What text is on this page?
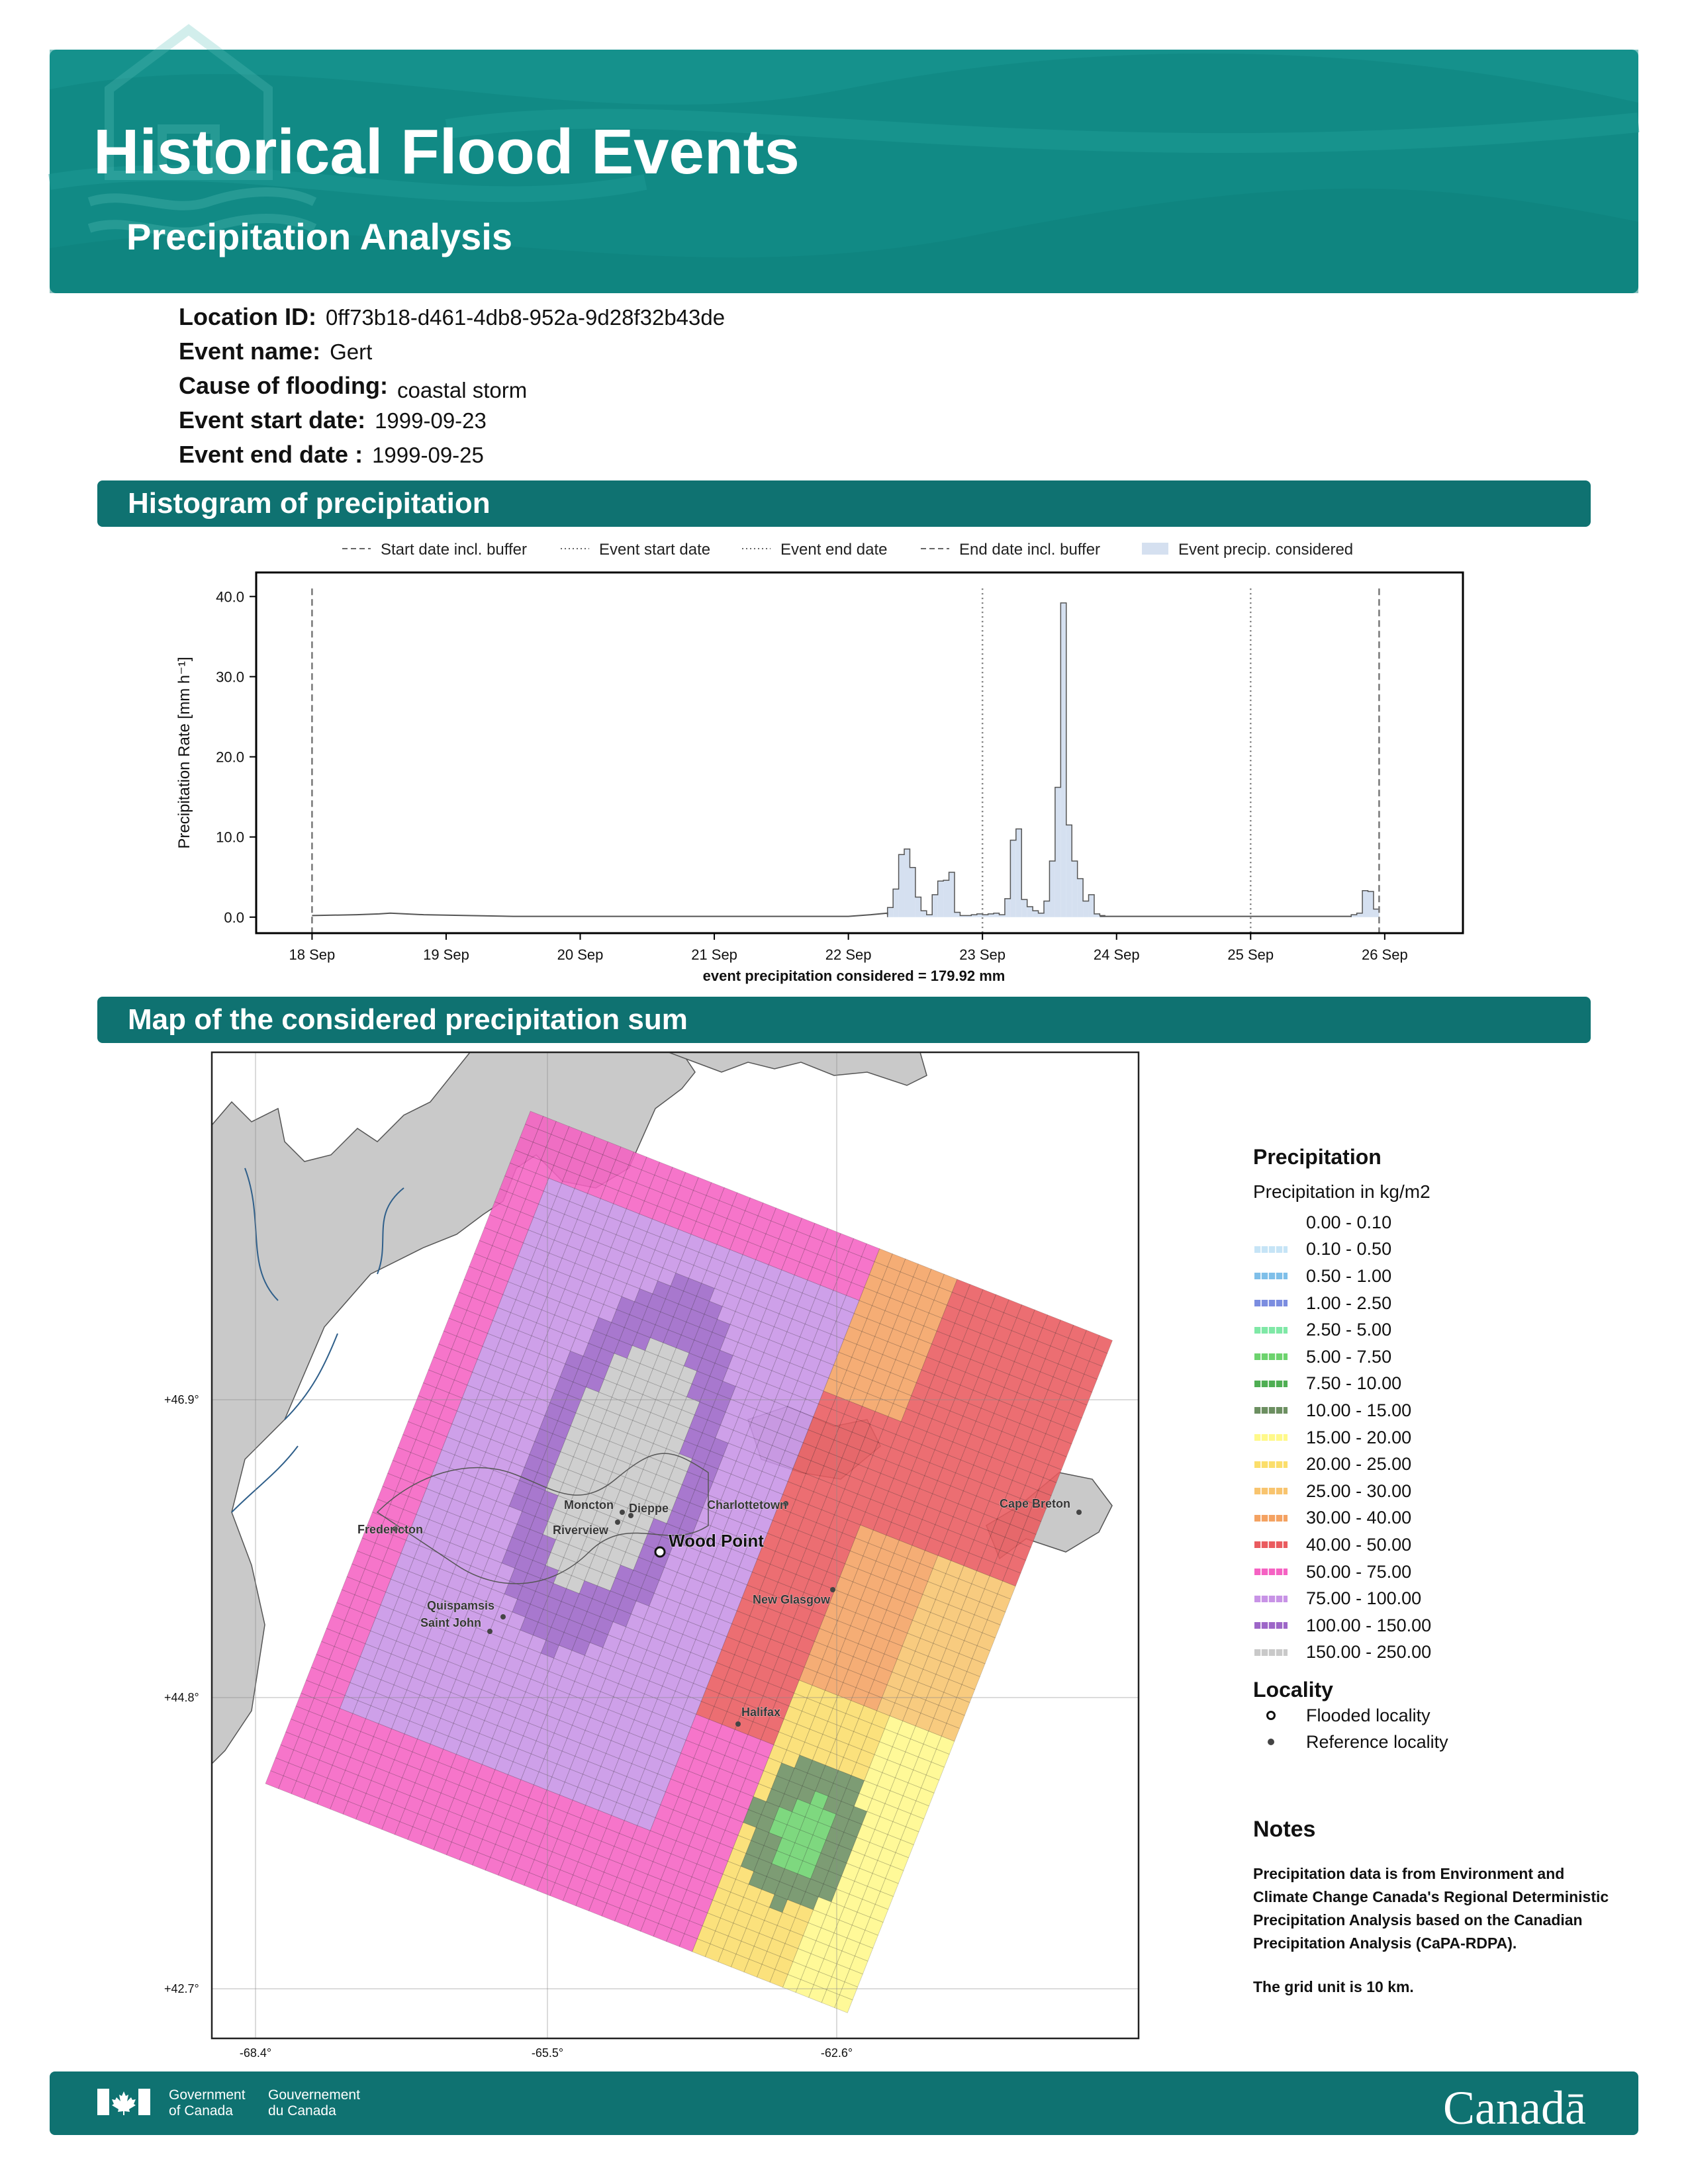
Historical Flood Events
Precipitation Analysis
Location ID: 0ff73b18-d461-4db8-952a-9d28f32b43de
Event name: Gert
Cause of flooding: coastal storm
Event start date: 1999-09-23
Event end date : 1999-09-25
Histogram of precipitation
Start date incl. buffer	Event start date	Event end date	End date incl. buffer	Event precip. considered
0.0
10.0
20.0
30.0
40.0
Precipitation Rate [mm h⁻¹]
18 Sep	19 Sep	20 Sep	21 Sep	22 Sep	23 Sep	24 Sep	25 Sep	26 Sep
event precipitation considered = 179.92 mm
Map of the considered precipitation sum
+46.9°
+44.8°
+42.7°
-68.4°	-65.5°	-62.6°
Moncton Dieppe
Riverview
Fredericton
Charlottetown
Quispamsis
Saint John
New Glasgow
Halifax
Cape Breton
Wood Point
Precipitation
Precipitation in kg/m2
0.00 - 0.10
0.10 - 0.50
0.50 - 1.00
1.00 - 2.50
2.50 - 5.00
5.00 - 7.50
7.50 - 10.00
10.00 - 15.00
15.00 - 20.00
20.00 - 25.00
25.00 - 30.00
30.00 - 40.00
40.00 - 50.00
50.00 - 75.00
75.00 - 100.00
100.00 - 150.00
150.00 - 250.00
Locality
Flooded locality
Reference locality
Notes
Precipitation data is from Environment and Climate Change Canada's Regional Deterministic Precipitation Analysis based on the Canadian Precipitation Analysis (CaPA-RDPA).
The grid unit is 10 km.
Government
of Canada
Gouvernement
du Canada	Canadā
